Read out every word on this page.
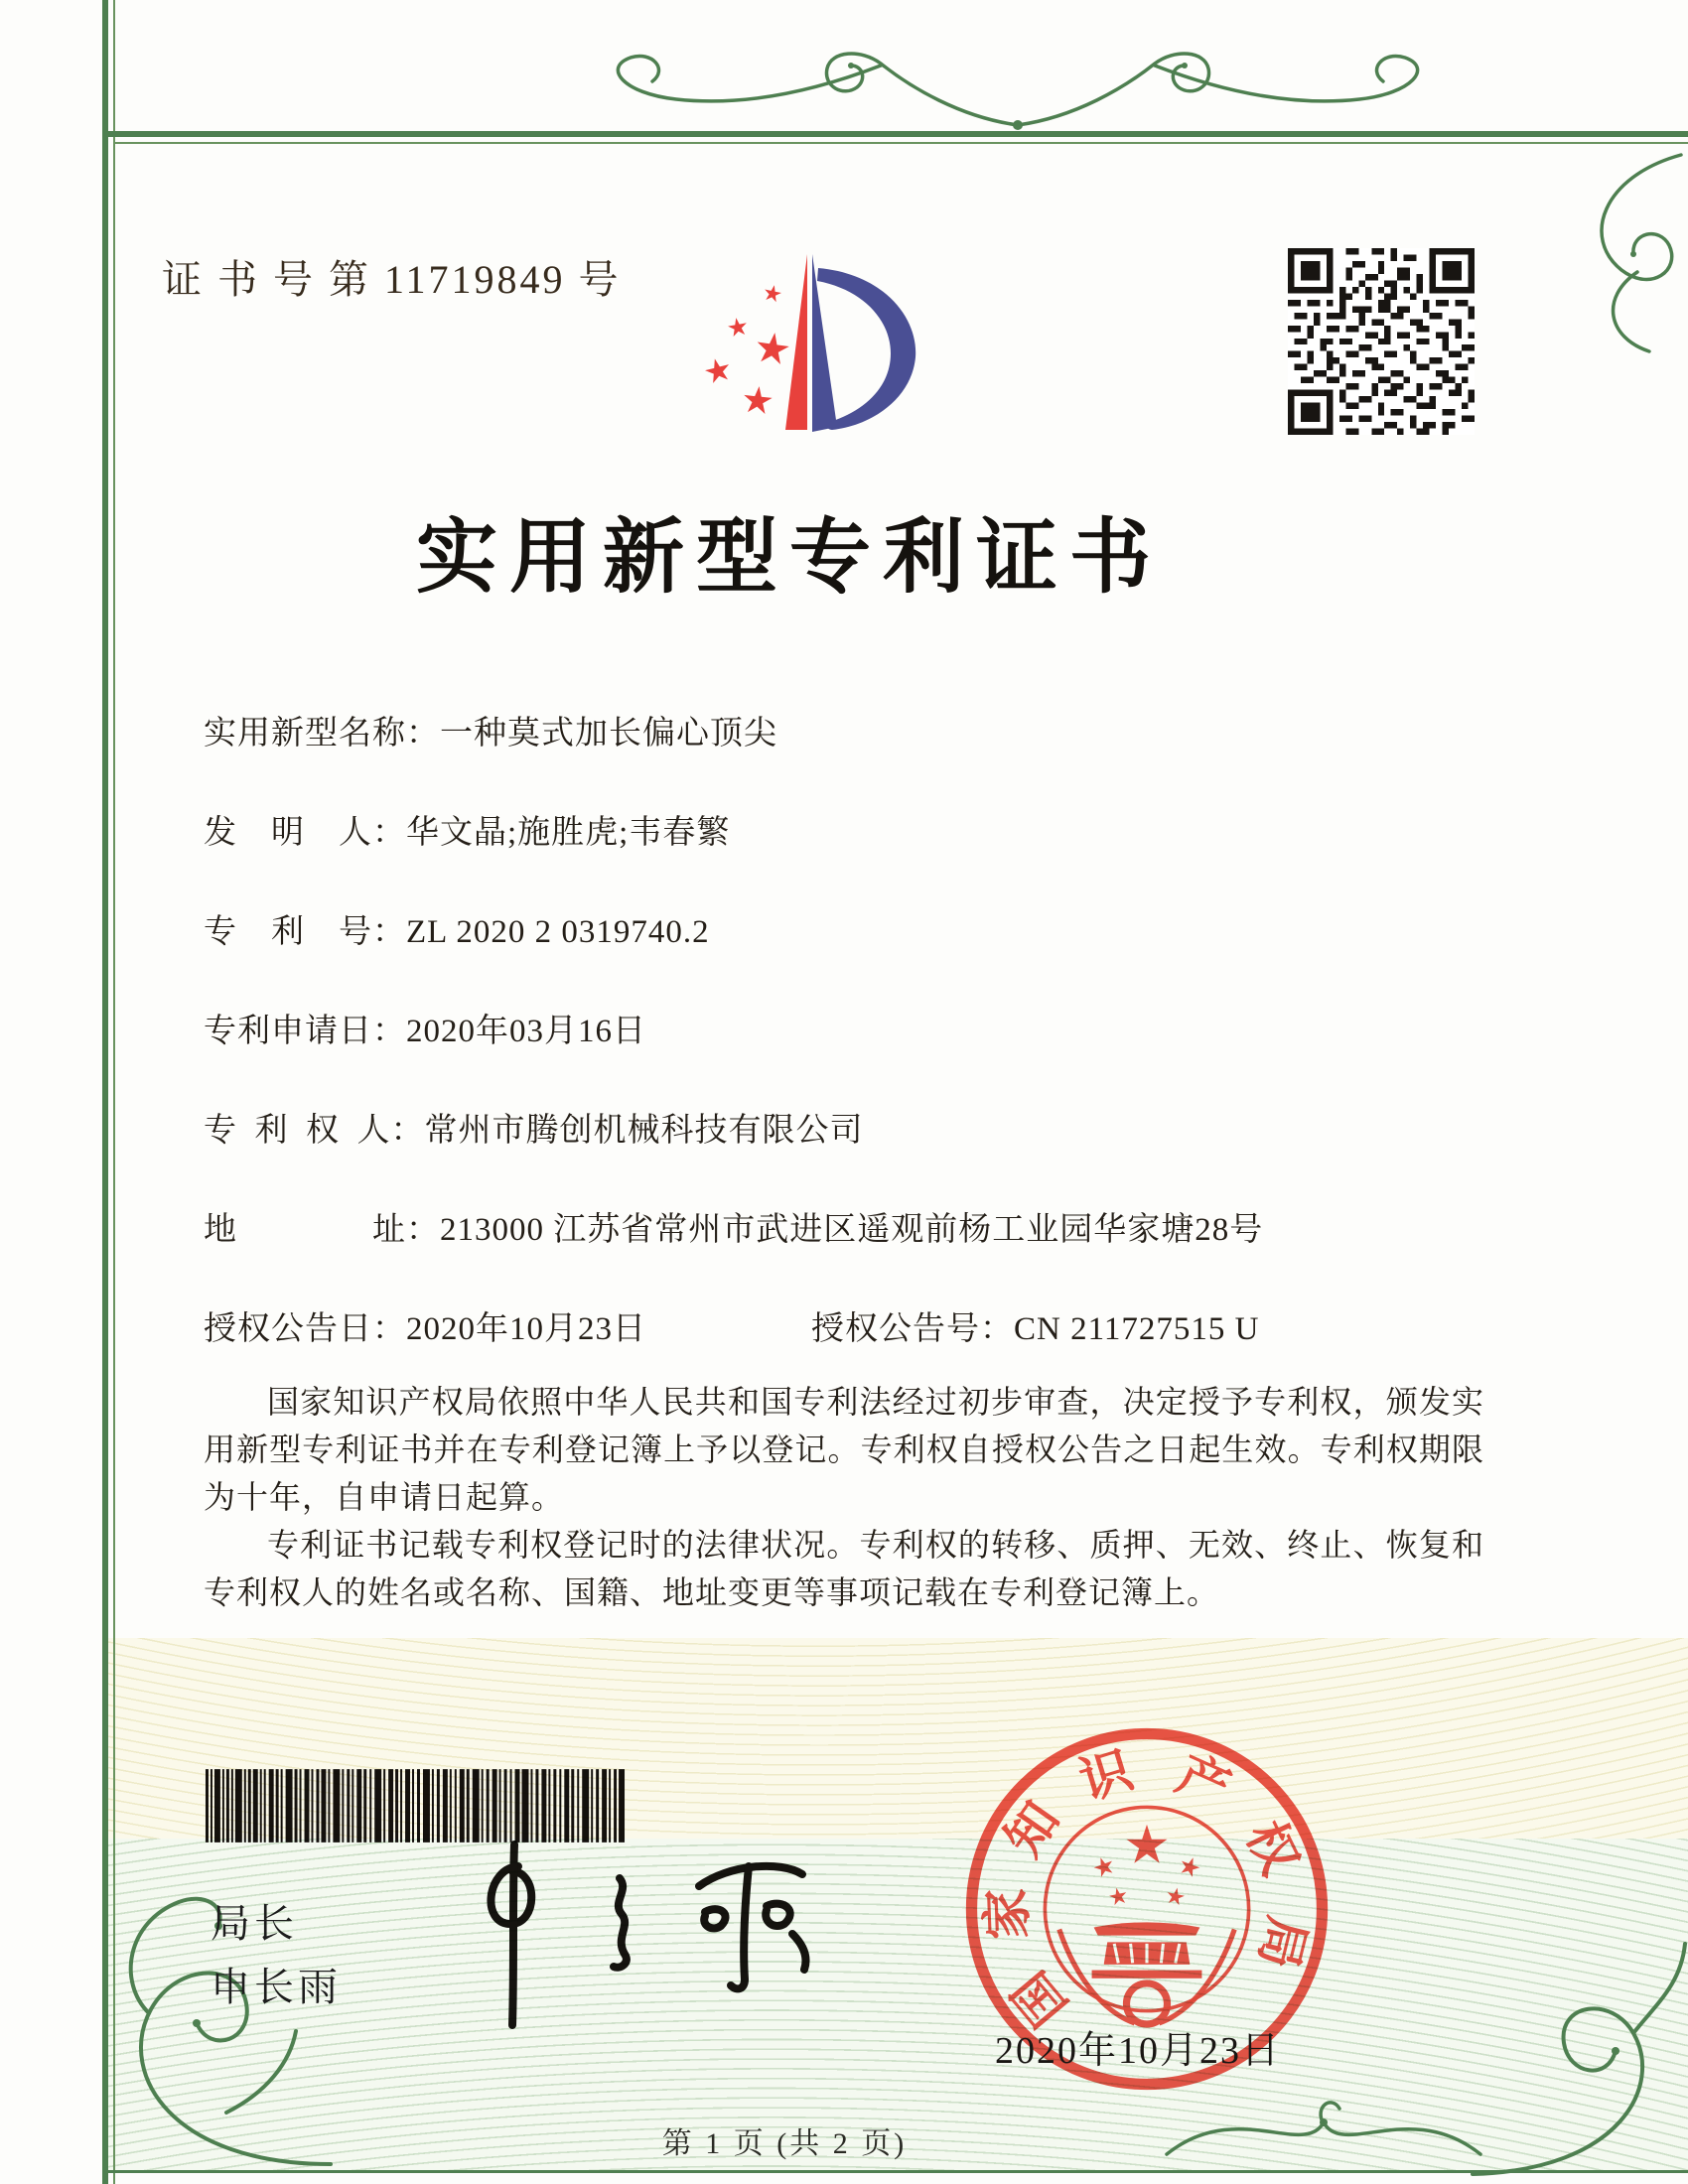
证 书 号 第 11719849 号
实用新型专利证书
实用新型名称：一种莫式加长偏心顶尖
发　明　人：华文晶;施胜虎;韦春繁
专　利　号：ZL 2020 2 0319740.2
专利申请日：2020年03月16日
专 利 权 人：常州市腾创机械科技有限公司
地　　　　址：213000 江苏省常州市武进区遥观前杨工业园华家塘28号
授权公告日：2020年10月23日	授权公告号：CN 211727515 U

国家知识产权局依照中华人民共和国专利法经过初步审查，决定授予专利权，颁发实用新型专利证书并在专利登记簿上予以登记。专利权自授权公告之日起生效。专利权期限为十年，自申请日起算。

专利证书记载专利权登记时的法律状况。专利权的转移、质押、无效、终止、恢复和专利权人的姓名或名称、国籍、地址变更等事项记载在专利登记簿上。

局长
申长雨	国
家
知
识 产
权
局
2020年10月23日
第 1 页 (共 2 页)
